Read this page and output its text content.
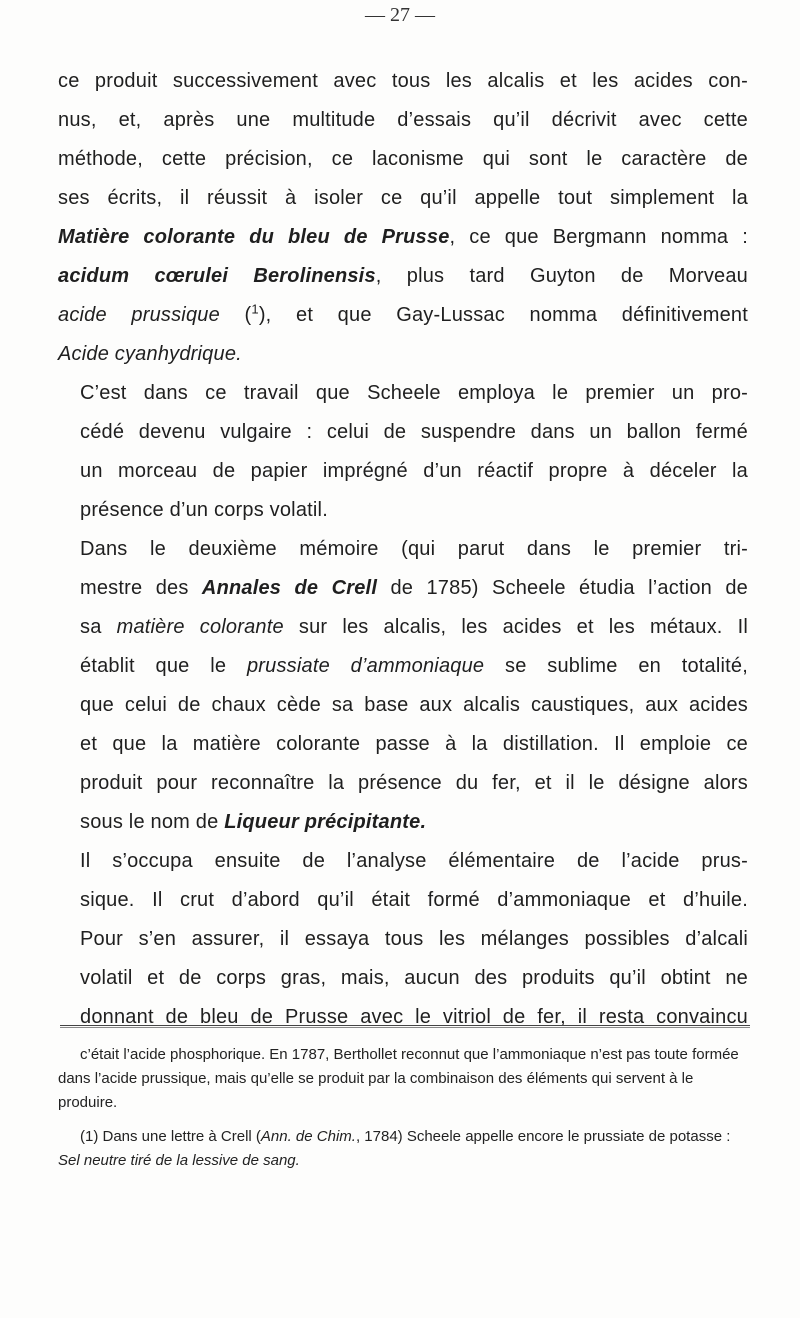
— 27 —

ce produit successivement avec tous les alcalis et les acides con-
nus, et, après une multitude d’essais qu’il décrivit avec cette
méthode, cette précision, ce laconisme qui sont le caractère de
ses écrits, il réussit à isoler ce qu’il appelle tout simplement la
Matière colorante du bleu de Prusse, ce que Bergmann nomma :
acidum cœrulei Berolinensis, plus tard Guyton de Morveau
acide prussique ($^1$), et que Gay-Lussac nomma définitivement
Acide cyanhydrique.

C’est dans ce travail que Scheele employa le premier un pro-
cédé devenu vulgaire : celui de suspendre dans un ballon fermé
un morceau de papier imprégné d’un réactif propre à déceler la
présence d’un corps volatil.

Dans le deuxième mémoire (qui parut dans le premier tri-
mestre des Annales de Crell de 1785) Scheele étudia l’action de
sa matière colorante sur les alcalis, les acides et les métaux. Il
établit que le prussiate d’ammoniaque se sublime en totalité,
que celui de chaux cède sa base aux alcalis caustiques, aux acides
et que la matière colorante passe à la distillation. Il emploie ce
produit pour reconnaître la présence du fer, et il le désigne alors
sous le nom de Liqueur précipitante.

Il s’occupa ensuite de l’analyse élémentaire de l’acide prus-
sique. Il crut d’abord qu’il était formé d’ammoniaque et d’huile.
Pour s’en assurer, il essaya tous les mélanges possibles d’alcali
volatil et de corps gras, mais, aucun des produits qu’il obtint ne
donnant de bleu de Prusse avec le vitriol de fer, il resta convaincu

c’était l’acide phosphorique. En 1787, Berthollet reconnut que l’ammoniaque n’est pas toute formée dans l’acide prussique, mais qu’elle se produit par la combinaison des éléments qui servent à le produire.

(1) Dans une lettre à Crell (Ann. de Chim., 1784) Scheele appelle encore le prussiate de potasse : Sel neutre tiré de la lessive de sang.
